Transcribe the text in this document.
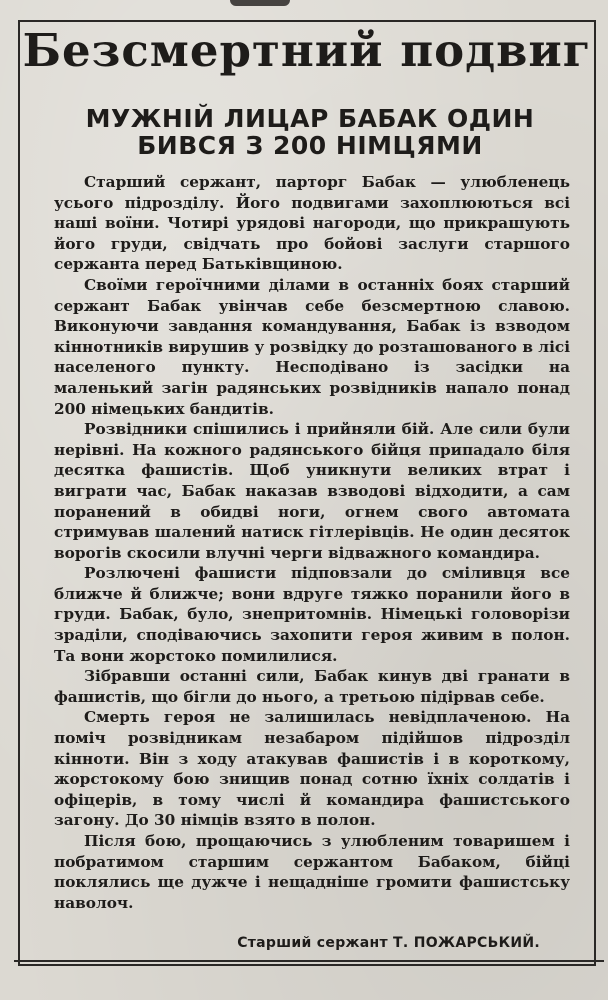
Безсмертний подвиг
МУЖНІЙ ЛИЦАР БАБАК ОДИН
БИВСЯ З 200 НІМЦЯМИ

Старший сержант, парторг Бабак — улюбленець усього підрозділу. Його подвигами захоплюються всі наші воїни. Чотирі урядові нагороди, що прикрашують його груди, свідчать про бойові заслуги старшого сержанта перед Батьківщиною.

Своїми героїчними ділами в останніх боях старший сержант Бабак увінчав себе безсмертною славою. Виконуючи завдання командування, Бабак із взводом кіннотників вирушив у розвідку до розташованого в лісі населеного пункту. Несподівано із засідки на маленький загін радянських розвідників напало понад 200 німецьких бандитів.

Розвідники спішились і прийняли бій. Але сили були нерівні. На кожного радянського бійця припадало біля десятка фашистів. Щоб уникнути великих втрат і виграти час, Бабак наказав взводові відходити, а сам поранений в обидві ноги, огнем свого автомата стримував шалений натиск гітлерівців. Не один десяток ворогів скосили влучні черги відважного командира.

Розлючені фашисти підповзали до сміливця все ближче й ближче; вони вдруге тяжко поранили його в груди. Бабак, було, знепритомнів. Німецькі головорізи зраділи, сподіваючись захопити героя живим в полон. Та вони жорстоко помилилися.

Зібравши останні сили, Бабак кинув дві гранати в фашистів, що бігли до нього, а третьою підірвав себе.

Смерть героя не залишилась невідплаченою. На поміч розвідникам незабаром підійшов підрозділ кінноти. Він з ходу атакував фашистів і в короткому, жорстокому бою знищив понад сотню їхніх солдатів і офіцерів, в тому числі й командира фашистського загону. До 30 німців взято в полон.

Після бою, прощаючись з улюбленим товаришем і побратимом старшим сержантом Бабаком, бійці поклялись ще дужче і нещадніше громити фашистську наволоч.

Старший сержант Т. ПОЖАРСЬКИЙ.
